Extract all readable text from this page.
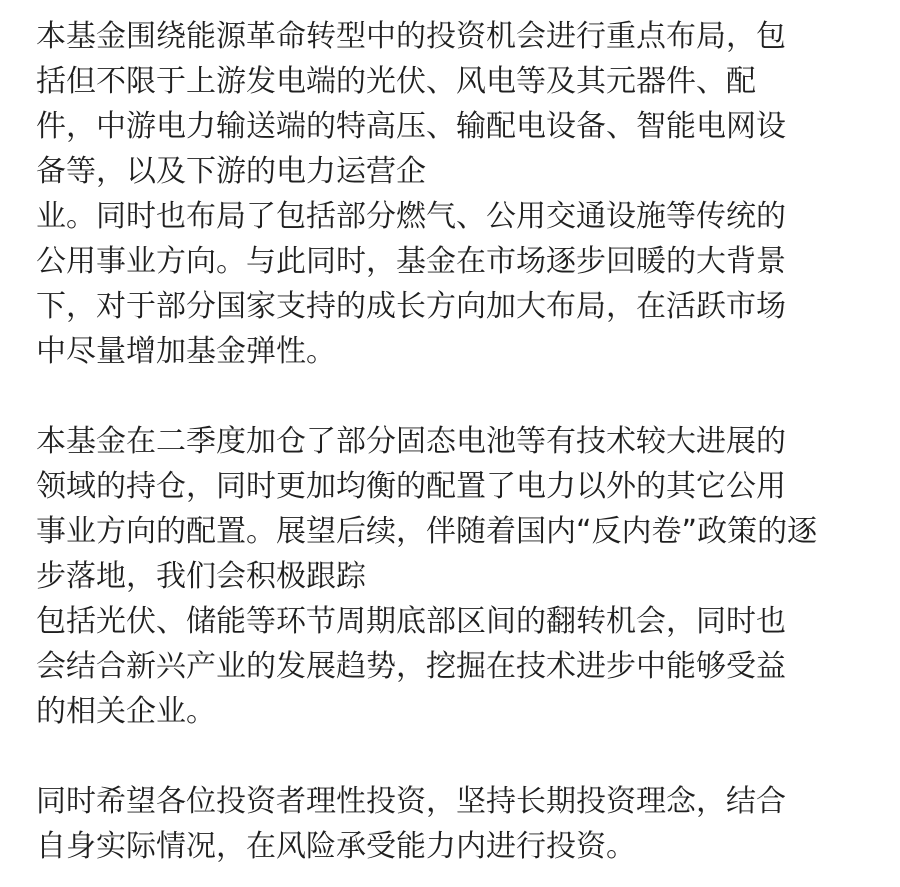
本基金围绕能源革命转型中的投资机会进行重点布局，包
括但不限于上游发电端的光伏、风电等及其元器件、配
件，中游电力输送端的特高压、输配电设备、智能电网设
备等，以及下游的电力运营企
业。同时也布局了包括部分燃气、公用交通设施等传统的
公用事业方向。与此同时，基金在市场逐步回暖的大背景
下，对于部分国家支持的成长方向加大布局，在活跃市场
中尽量增加基金弹性。
本基金在二季度加仓了部分固态电池等有技术较大进展的
领域的持仓，同时更加均衡的配置了电力以外的其它公用
事业方向的配置。展望后续，伴随着国内“反内卷”政策的逐
步落地，我们会积极跟踪
包括光伏、储能等环节周期底部区间的翻转机会，同时也
会结合新兴产业的发展趋势，挖掘在技术进步中能够受益
的相关企业。
同时希望各位投资者理性投资，坚持长期投资理念，结合
自身实际情况，在风险承受能力内进行投资。
